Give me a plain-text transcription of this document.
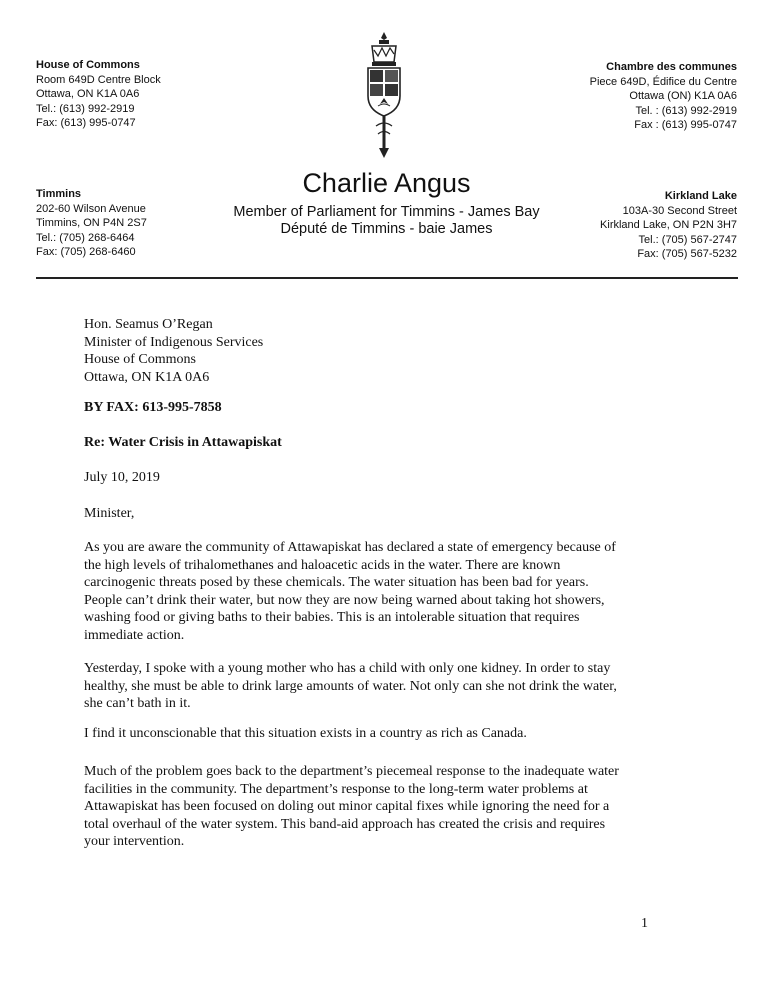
House of Commons
Room 649D Centre Block
Ottawa, ON K1A 0A6
Tel.: (613) 992-2919
Fax: (613) 995-0747
Chambre des communes
Piece 649D, Édifice du Centre
Ottawa (ON) K1A 0A6
Tel. : (613) 992-2919
Fax : (613) 995-0747
Timmins
202-60 Wilson Avenue
Timmins, ON P4N 2S7
Tel.: (705) 268-6464
Fax: (705) 268-6460
Kirkland Lake
103A-30 Second Street
Kirkland Lake, ON P2N 3H7
Tel.: (705) 567-2747
Fax: (705) 567-5232
Charlie Angus
Member of Parliament for Timmins - James Bay
Député de Timmins - baie James
Hon. Seamus O’Regan
Minister of Indigenous Services
House of Commons
Ottawa, ON K1A 0A6
BY FAX: 613-995-7858
Re: Water Crisis in Attawapiskat
July 10, 2019
Minister,
As you are aware the community of Attawapiskat has declared a state of emergency because of
the high levels of trihalomethanes and haloacetic acids in the water. There are known
carcinogenic threats posed by these chemicals. The water situation has been bad for years.
People can’t drink their water, but now they are now being warned about taking hot showers,
washing food or giving baths to their babies. This is an intolerable situation that requires
immediate action.
Yesterday, I spoke with a young mother who has a child with only one kidney. In order to stay
healthy, she must be able to drink large amounts of water. Not only can she not drink the water,
she can’t bath in it.
I find it unconscionable that this situation exists in a country as rich as Canada.
Much of the problem goes back to the department’s piecemeal response to the inadequate water
facilities in the community. The department’s response to the long-term water problems at
Attawapiskat has been focused on doling out minor capital fixes while ignoring the need for a
total overhaul of the water system. This band-aid approach has created the crisis and requires
your intervention.
1
